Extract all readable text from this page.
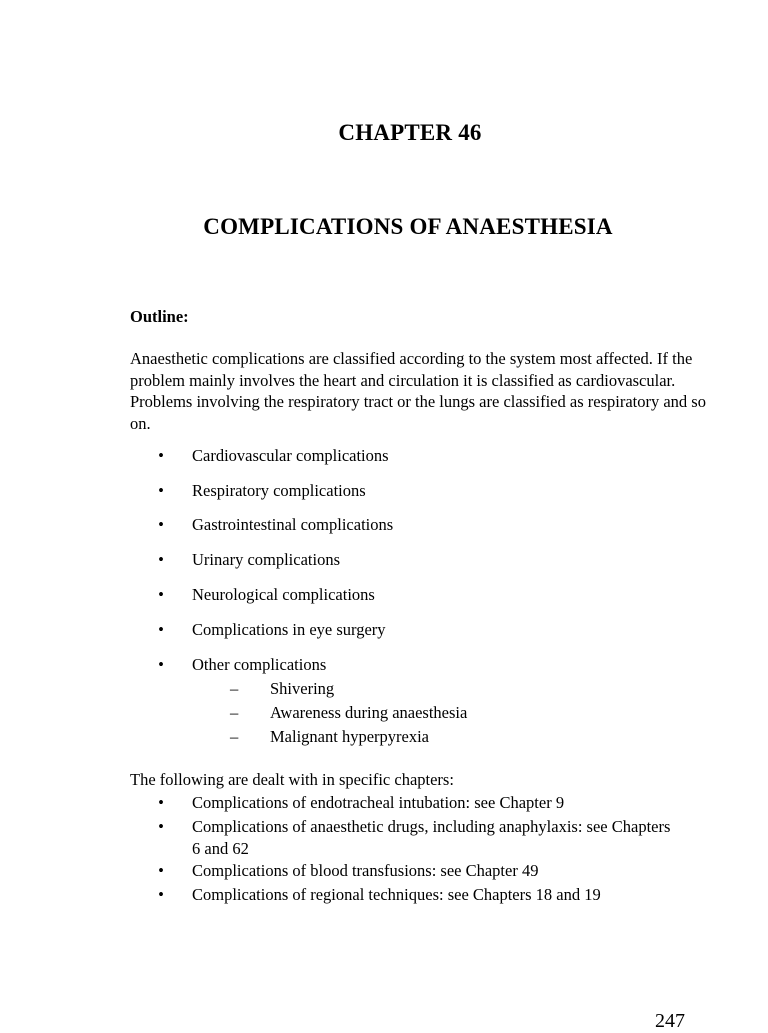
CHAPTER 46
COMPLICATIONS OF ANAESTHESIA
Outline:
Anaesthetic complications are classified according to the system most affected. If the problem mainly involves the heart and circulation it is classified as cardiovascular. Problems involving the respiratory tract or the lungs are classified as respiratory and so on.
• Cardiovascular complications
• Respiratory complications
• Gastrointestinal complications
• Urinary complications
• Neurological complications
• Complications in eye surgery
• Other complications
– Shivering
– Awareness during anaesthesia
– Malignant hyperpyrexia
The following are dealt with in specific chapters:
• Complications of endotracheal intubation: see Chapter 9
• Complications of anaesthetic drugs, including anaphylaxis: see Chapters 6 and 62
• Complications of blood transfusions: see Chapter 49
• Complications of regional techniques: see Chapters 18 and 19
247
